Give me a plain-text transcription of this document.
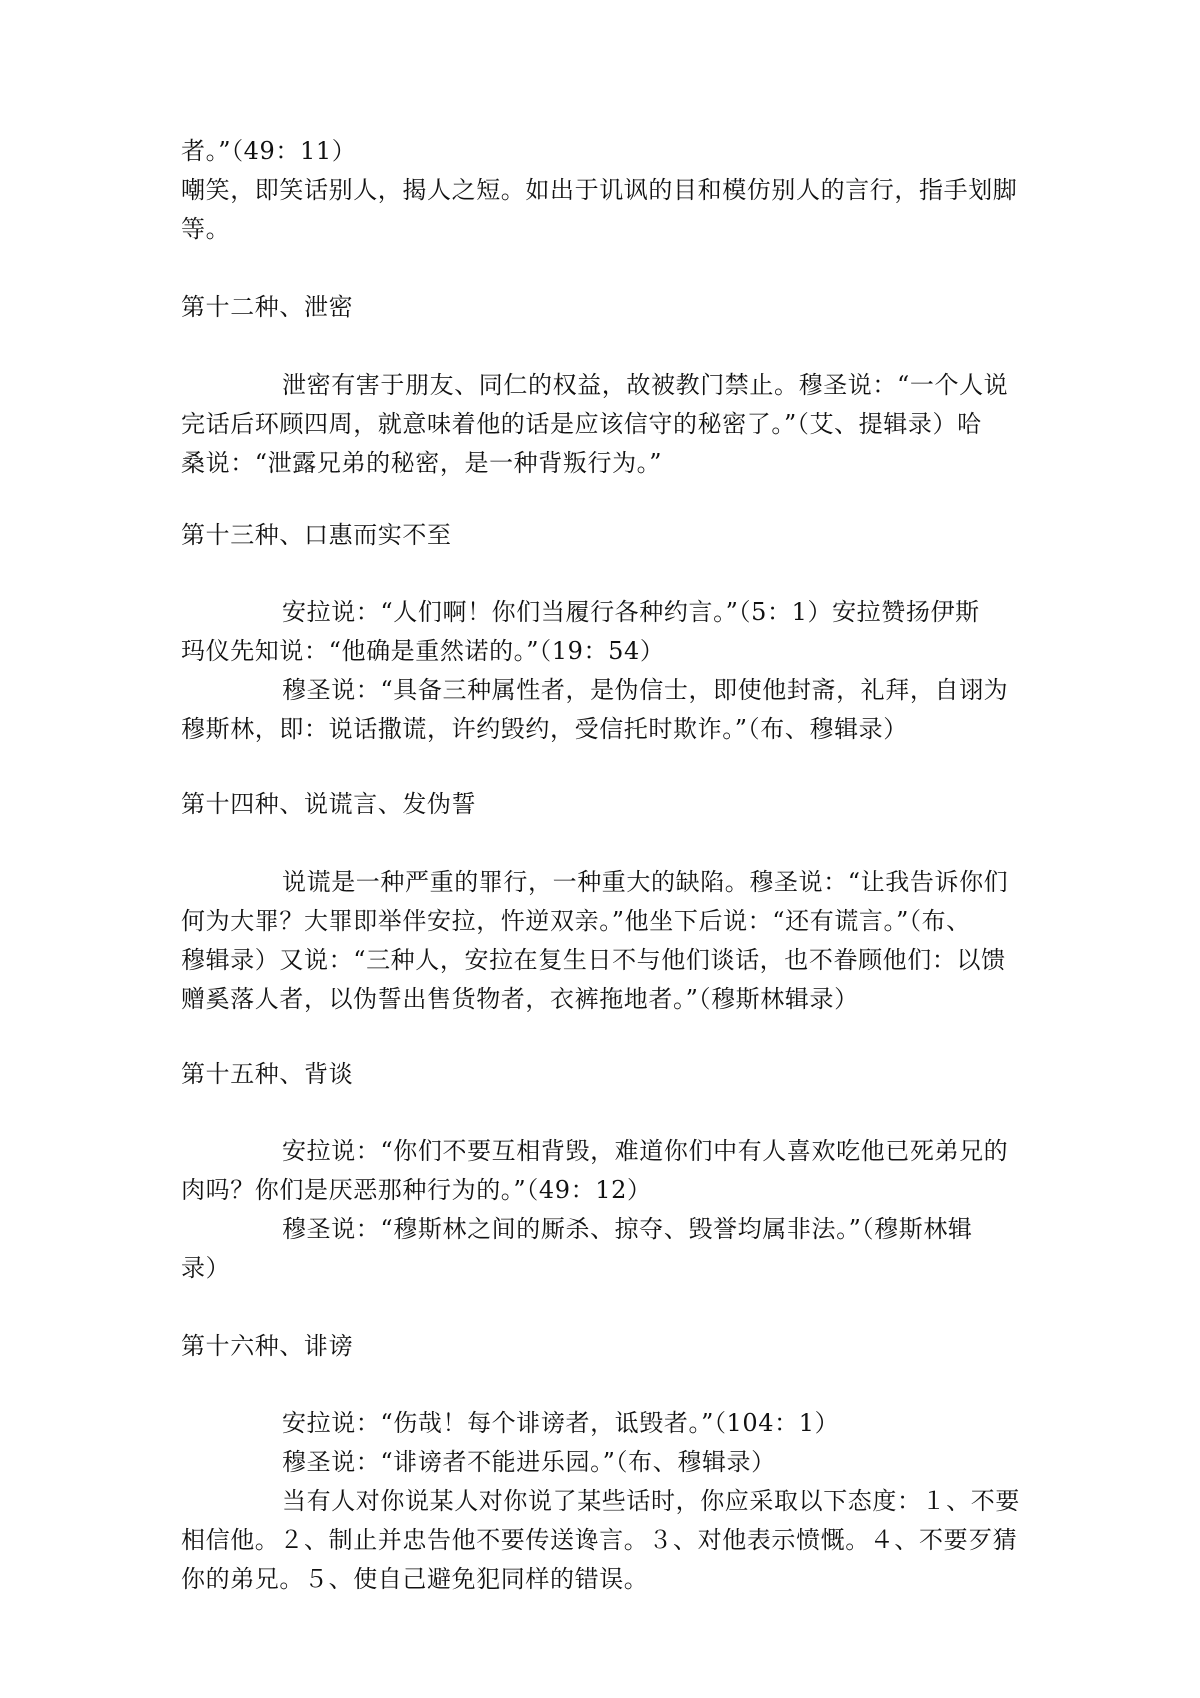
者。”（49：11）
嘲笑，即笑话别人，揭人之短。如出于讥讽的目和模仿别人的言行，指手划脚
等。
第十二种、泄密
泄密有害于朋友、同仁的权益，故被教门禁止。穆圣说：“一个人说
完话后环顾四周，就意味着他的话是应该信守的秘密了。”（艾、提辑录）哈
桑说：“泄露兄弟的秘密，是一种背叛行为。”
第十三种、口惠而实不至
安拉说：“人们啊！你们当履行各种约言。”（5：1）安拉赞扬伊斯
玛仪先知说：“他确是重然诺的。”（19：54）
穆圣说：“具备三种属性者，是伪信士，即使他封斋，礼拜，自诩为
穆斯林，即：说话撒谎，许约毁约，受信托时欺诈。”（布、穆辑录）
第十四种、说谎言、发伪誓
说谎是一种严重的罪行，一种重大的缺陷。穆圣说：“让我告诉你们
何为大罪？大罪即举伴安拉，忤逆双亲。”他坐下后说：“还有谎言。”（布、
穆辑录）又说：“三种人，安拉在复生日不与他们谈话，也不眷顾他们：以馈
赠奚落人者，以伪誓出售货物者，衣裤拖地者。”（穆斯林辑录）
第十五种、背谈
安拉说：“你们不要互相背毁，难道你们中有人喜欢吃他已死弟兄的
肉吗？你们是厌恶那种行为的。”（49：12）
穆圣说：“穆斯林之间的厮杀、掠夺、毁誉均属非法。”（穆斯林辑
录）
第十六种、诽谤
安拉说：“伤哉！每个诽谤者，诋毁者。”（104：1）
穆圣说：“诽谤者不能进乐园。”（布、穆辑录）
当有人对你说某人对你说了某些话时，你应采取以下态度：１、不要
相信他。２、制止并忠告他不要传送谗言。３、对他表示愤慨。４、不要歹猜
你的弟兄。５、使自己避免犯同样的错误。
